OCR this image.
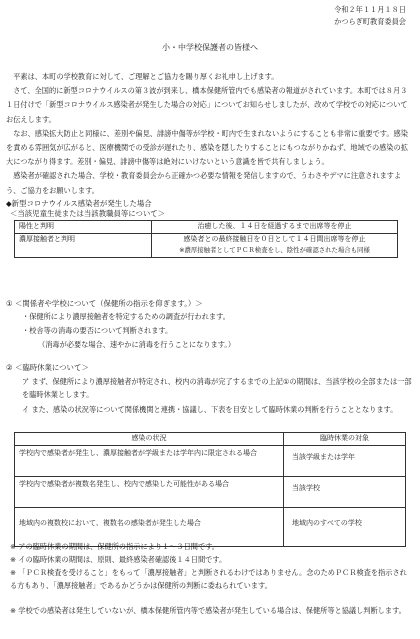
令和２年１１月１８日
かつらぎ町教育委員会
小・中学校保護者の皆様へ

平素は、本町の学校教育に対して、ご理解とご協力を賜り厚くお礼申し上げます。

さて、全国的に新型コロナウイルスの第３波が到来し、橋本保健所管内でも感染者の報道がされています。本町では８月３１日付けで「新型コロナウイルス感染者が発生した場合の対応」についてお知らせしましたが、改めて学校での対応についてお伝えします。

なお、感染拡大防止と同様に、差別や偏見、誹謗中傷等が学校・町内で生まれないようにすることも非常に重要です。感染を責める雰囲気が広がると、医療機関での受診が遅れたり、感染を隠したりすることにもつながりかねず、地域での感染の拡大につながり得ます。差別・偏見、誹謗中傷等は絶対にいけないという意識を皆で共有しましょう。

感染者が確認された場合、学校・教育委員会から正確かつ必要な情報を発信しますので、うわさやデマに注意されますよう、ご協力をお願いします。

◆新型コロナウイルス感染者が発生した場合
＜当該児童生徒または当該教職員等について＞
陽性と判明	治癒した後、１４日を経過するまで出席等を停止
濃厚接触者と判明	感染者との最終接触日を０日として１４日間出席等を停止
※濃厚接触者としてＰＣＲ検査をし、陰性が確認された場合も同様
① ＜関係者や学校について（保健所の指示を仰ぎます。）＞
・保健所により濃厚接触者を特定するための調査が行われます。
・校舎等の消毒の要否について判断されます。
（消毒が必要な場合、速やかに消毒を行うことになります。）
② ＜臨時休業について＞
ア まず、保健所により濃厚接触者が特定され、校内の消毒が完了するまでの上記①の期間は、当該学校の全部または一部を臨時休業とします。
イ また、感染の状況等について関係機関と連携・協議し、下表を目安として臨時休業の判断を行うこととなります。
感染の状況	臨時休業の対象
学校内で感染者が発生し、濃厚接触者が学級または学年内に限定される場合	当該学級または学年
学校内で感染者が複数名発生し、校内で感染した可能性がある場合	当該学校
地域内の複数校において、複数名の感染者が発生した場合	地域内のすべての学校
※ アの臨時休業の期間は、保健所の指示により１～３日間です。
※ イの臨時休業の期間は、原則、最終感染者確認後１４日間です。
※ 「ＰＣＲ検査を受けること」をもって「濃厚接触者」と判断されるわけではありません。念のためＰＣＲ検査を指示される方もあり、「濃厚接触者」であるかどうかは保健所の判断に委ねられています。
※ 学校での感染者は発生していないが、橋本保健所管内等で感染者が発生している場合は、保健所等と協議し判断します。
